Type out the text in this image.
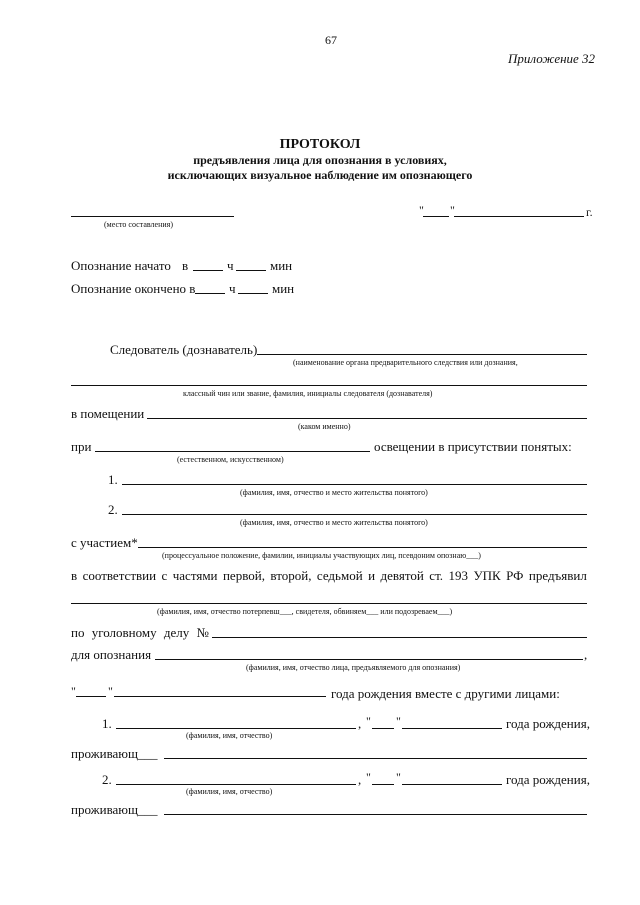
67
Приложение 32
ПРОТОКОЛ
предъявления лица для опознания в условиях,
исключающих визуальное наблюдение им опознающего
(место составления)
" "	г.
Опознание начато в	ч	мин
Опознание окончено в	ч	мин
Следователь (дознаватель)
(наименование органа предварительного следствия или дознания,
классный чин или звание, фамилия, инициалы следователя (дознавателя)
в помещении
(каком именно)
при	освещении в присутствии понятых:
(естественном, искусственном)
1.
(фамилия, имя, отчество и место жительства понятого)
2.
(фамилия, имя, отчество и место жительства понятого)
с участием*
(процессуальное положение, фамилии, инициалы участвующих лиц, псевдоним опознаю___)
в соответствии с частями первой, второй, седьмой и девятой ст. 193 УПК РФ предъявил
(фамилия, имя, отчество потерпевш___, свидетеля, обвиняем___ или подозреваем___)
по уголовному делу №
для опознания	,
(фамилия, имя, отчество лица, предъявляемого для опознания)
"	"	года рождения вместе с другими лицами:
1.	, " "	года рождения,
(фамилия, имя, отчество)
проживающ___
2.	, " "	года рождения,
(фамилия, имя, отчество)
проживающ___
